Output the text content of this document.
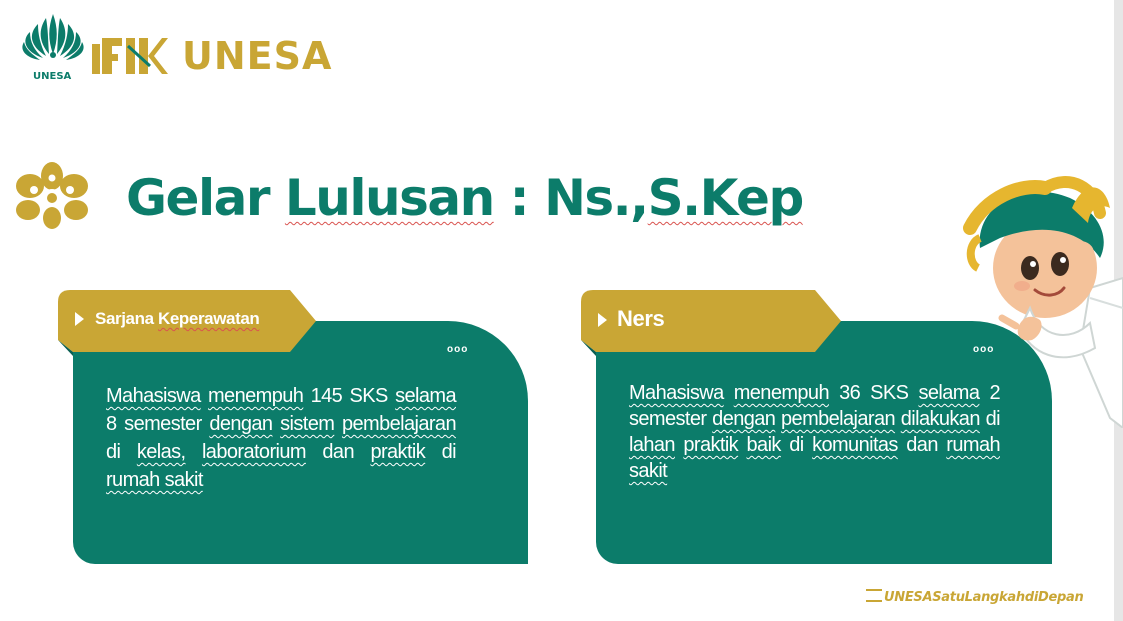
UNESA	UNESA
Gelar Lulusan : Ns.,S.Kep
Sarjana Keperawatan
ooo
Mahasiswa menempuh 145 SKS selama 8 semester dengan sistem pembelajaran di kelas, laboratorium dan praktik di rumah sakit
Ners
ooo
Mahasiswa menempuh 36 SKS selama 2 semester dengan pembelajaran dilakukan di lahan praktik baik di komunitas dan rumah sakit
UNESASatuLangkahdiDepan
